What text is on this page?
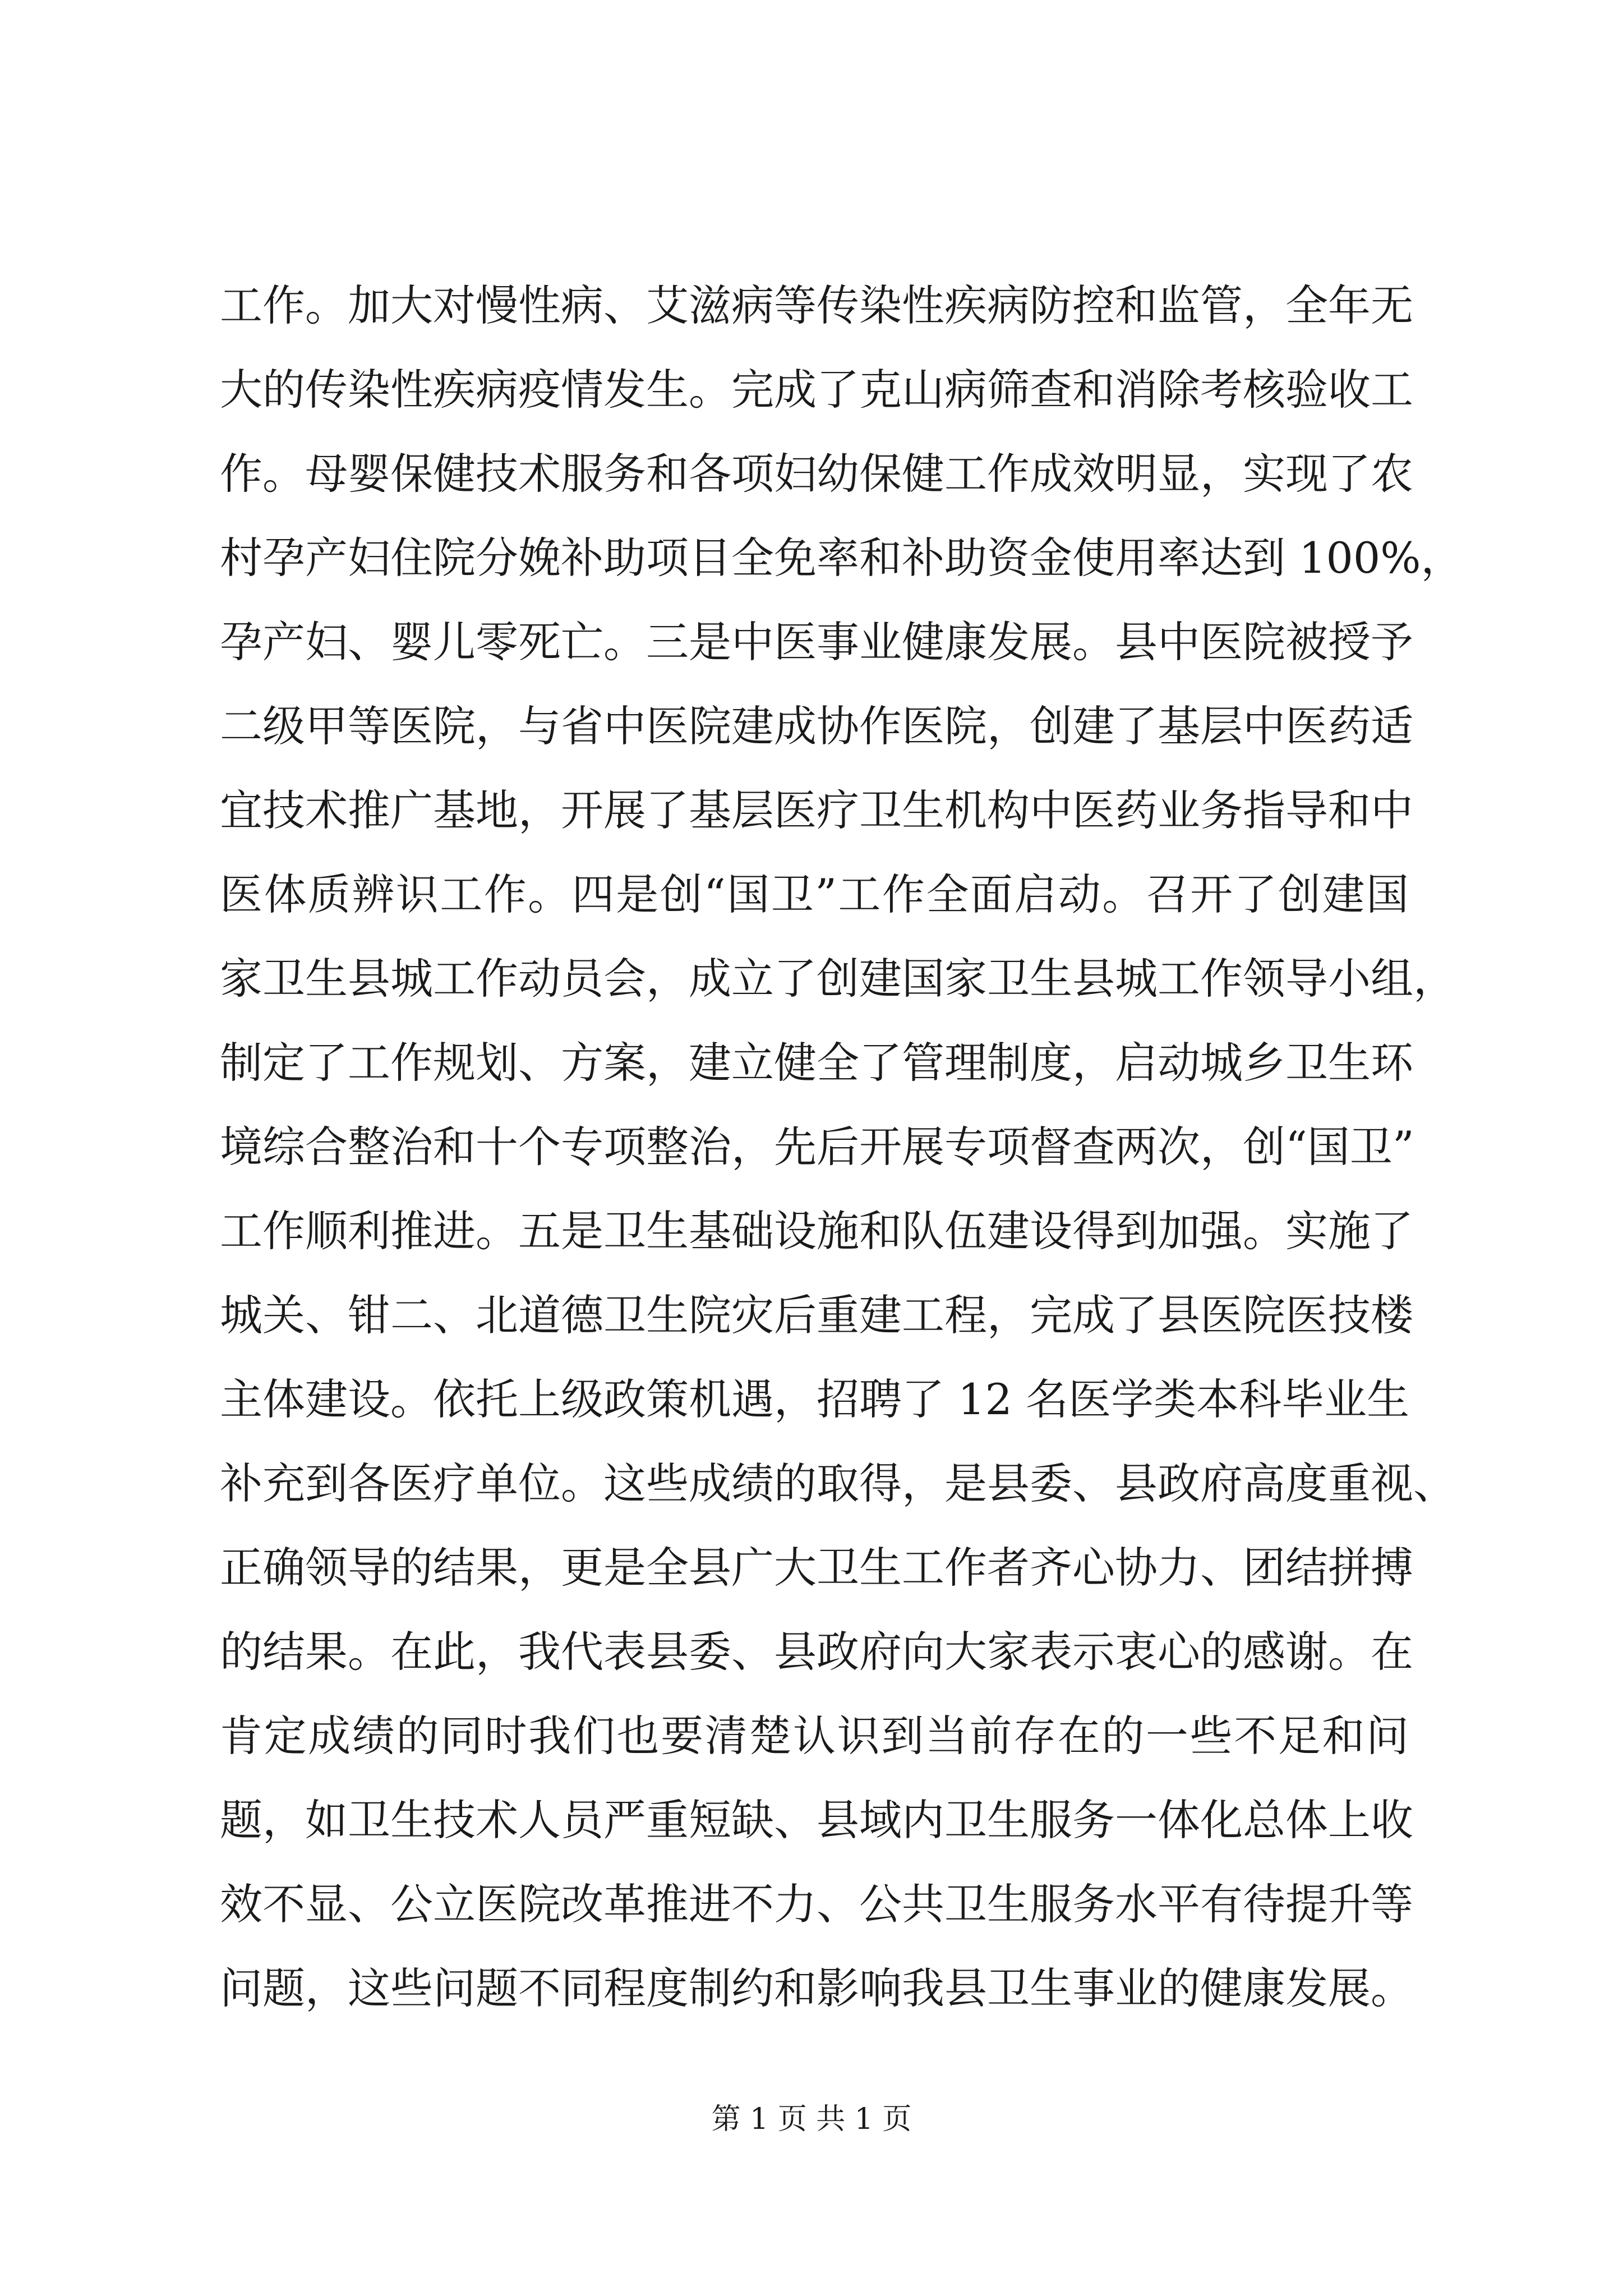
工作。加大对慢性病、艾滋病等传染性疾病防控和监管，全年无
大的传染性疾病疫情发生。完成了克山病筛查和消除考核验收工
作。母婴保健技术服务和各项妇幼保健工作成效明显，实现了农
村孕产妇住院分娩补助项目全免率和补助资金使用率达到 100%，
孕产妇、婴儿零死亡。三是中医事业健康发展。县中医院被授予
二级甲等医院，与省中医院建成协作医院，创建了基层中医药适
宜技术推广基地，开展了基层医疗卫生机构中医药业务指导和中
医体质辨识工作。四是创“国卫”工作全面启动。召开了创建国
家卫生县城工作动员会，成立了创建国家卫生县城工作领导小组，
制定了工作规划、方案，建立健全了管理制度，启动城乡卫生环
境综合整治和十个专项整治，先后开展专项督查两次，创“国卫”
工作顺利推进。五是卫生基础设施和队伍建设得到加强。实施了
城关、钳二、北道德卫生院灾后重建工程，完成了县医院医技楼
主体建设。依托上级政策机遇，招聘了 12 名医学类本科毕业生
补充到各医疗单位。这些成绩的取得，是县委、县政府高度重视、
正确领导的结果，更是全县广大卫生工作者齐心协力、团结拼搏
的结果。在此，我代表县委、县政府向大家表示衷心的感谢。在
肯定成绩的同时我们也要清楚认识到当前存在的一些不足和问
题，如卫生技术人员严重短缺、县域内卫生服务一体化总体上收
效不显、公立医院改革推进不力、公共卫生服务水平有待提升等
问题，这些问题不同程度制约和影响我县卫生事业的健康发展。
第 1 页 共 1 页
